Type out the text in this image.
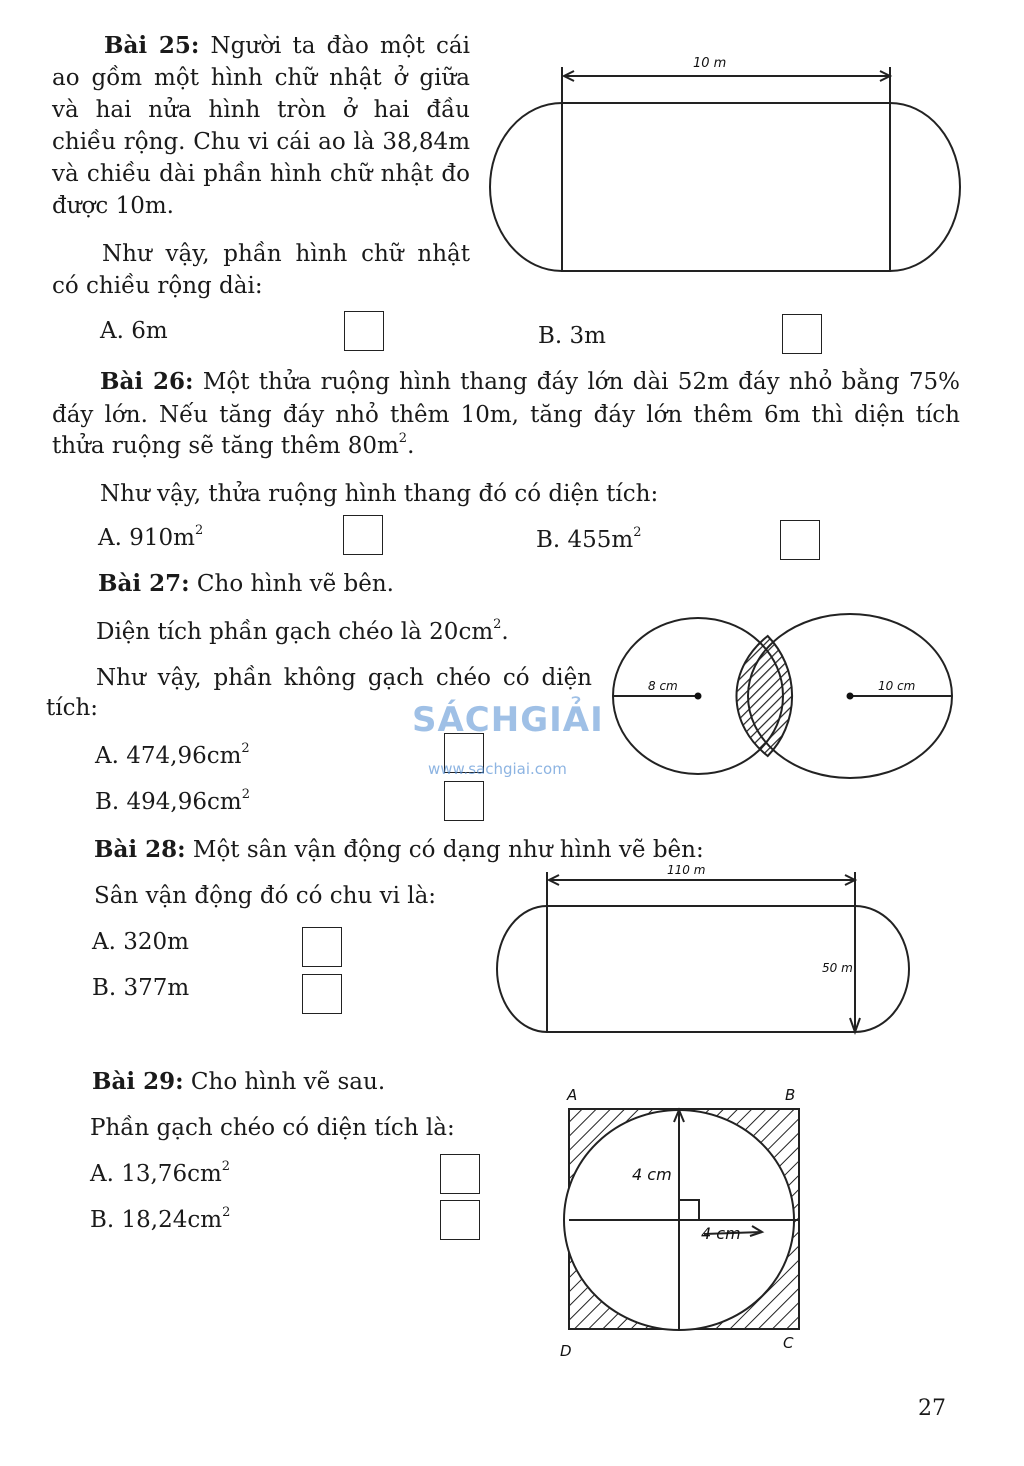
Bài 25: Người ta đào một cái
ao gồm một hình chữ nhật ở giữa
và hai nửa hình tròn ở hai đầu
chiều rộng. Chu vi cái ao là 38,84m
và chiều dài phần hình chữ nhật đo
được 10m.
Như vậy, phần hình chữ nhật
có chiều rộng dài:
A. 6m	B. 3m
10 m
Bài 26: Một thửa ruộng hình thang đáy lớn dài 52m đáy nhỏ bằng 75%
đáy lớn. Nếu tăng đáy nhỏ thêm 10m, tăng đáy lớn thêm 6m thì diện tích
thửa ruộng sẽ tăng thêm $80m^2$.
Như vậy, thửa ruộng hình thang đó có diện tích:
A. $910m^2$	B. $455m^2$
Bài 27: Cho hình vẽ bên.
Diện tích phần gạch chéo là $20cm^2$.
Như vậy, phần không gạch chéo có diện
tích:
A. $474,96cm^2$
B. $494,96cm^2$
8 cm	10 cm
Bài 28: Một sân vận động có dạng như hình vẽ bên:
Sân vận động đó có chu vi là:
A. 320m
B. 377m
110 m
50 m
Bài 29: Cho hình vẽ sau.
Phần gạch chéo có diện tích là:
A. $13,76cm^2$
B. $18,24cm^2$
4 cm
4 cm
A	B
C
D
SÁCHGIẢI
www.sachgiai.com
27
